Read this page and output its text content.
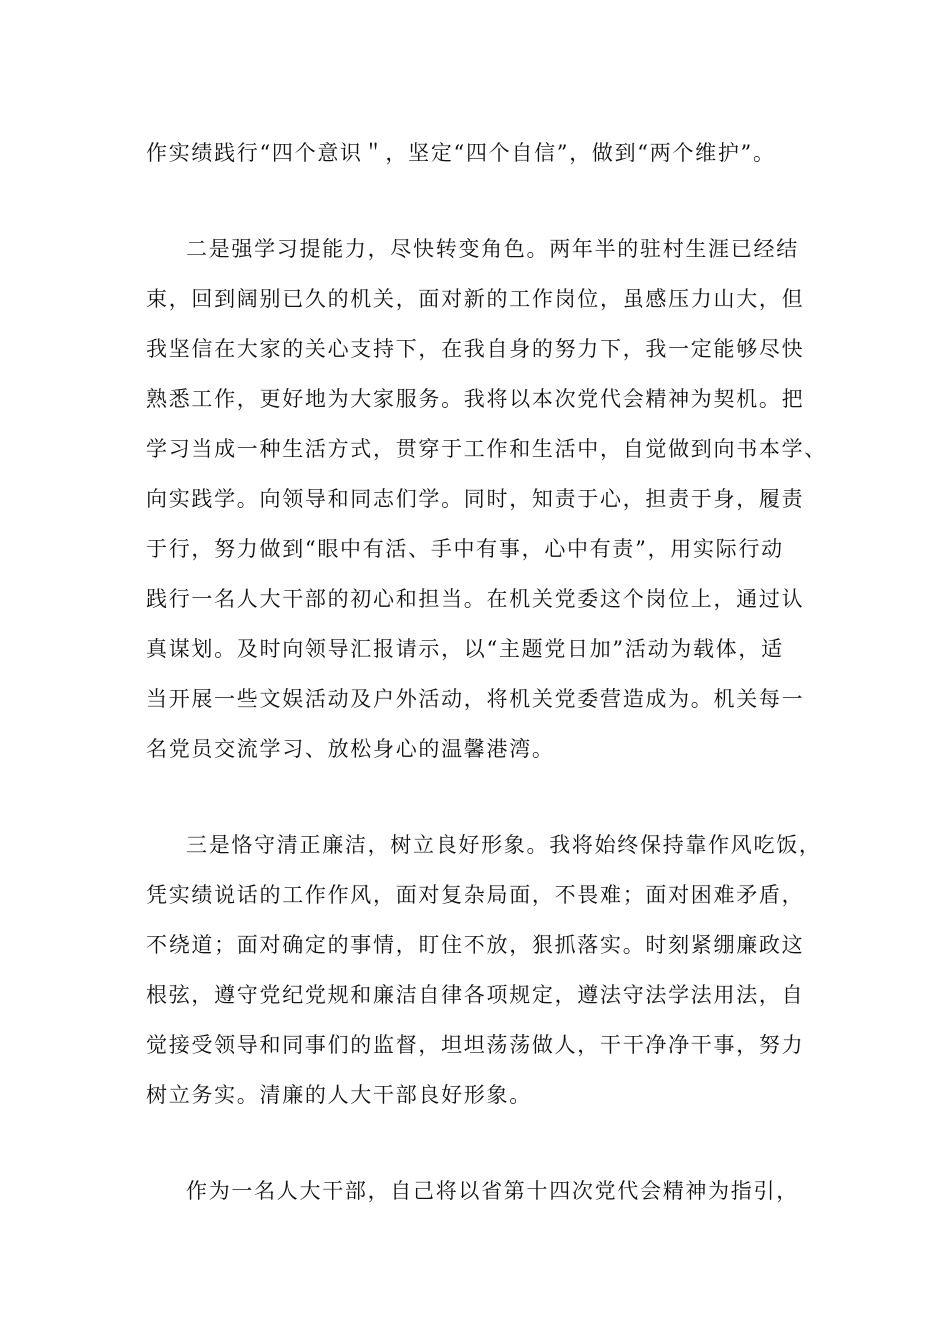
作实绩践行“四个意识＂，坚定“四个自信”，做到“两个维护”。
二是强学习提能力，尽快转变角色。两年半的驻村生涯已经结
束，回到阔别已久的机关，面对新的工作岗位，虽感压力山大，但
我坚信在大家的关心支持下，在我自身的努力下，我一定能够尽快
熟悉工作，更好地为大家服务。我将以本次党代会精神为契机。把
学习当成一种生活方式，贯穿于工作和生活中，自觉做到向书本学、
向实践学。向领导和同志们学。同时，知责于心，担责于身，履责
于行，努力做到“眼中有活、手中有事，心中有责”，用实际行动
践行一名人大干部的初心和担当。在机关党委这个岗位上，通过认
真谋划。及时向领导汇报请示，以“主题党日加”活动为载体，适
当开展一些文娱活动及户外活动，将机关党委营造成为。机关每一
名党员交流学习、放松身心的温馨港湾。
三是恪守清正廉洁，树立良好形象。我将始终保持靠作风吃饭，
凭实绩说话的工作作风，面对复杂局面，不畏难；面对困难矛盾，
不绕道；面对确定的事情，盯住不放，狠抓落实。时刻紧绷廉政这
根弦，遵守党纪党规和廉洁自律各项规定，遵法守法学法用法，自
觉接受领导和同事们的监督，坦坦荡荡做人，干干净净干事，努力
树立务实。清廉的人大干部良好形象。
作为一名人大干部，自己将以省第十四次党代会精神为指引，
